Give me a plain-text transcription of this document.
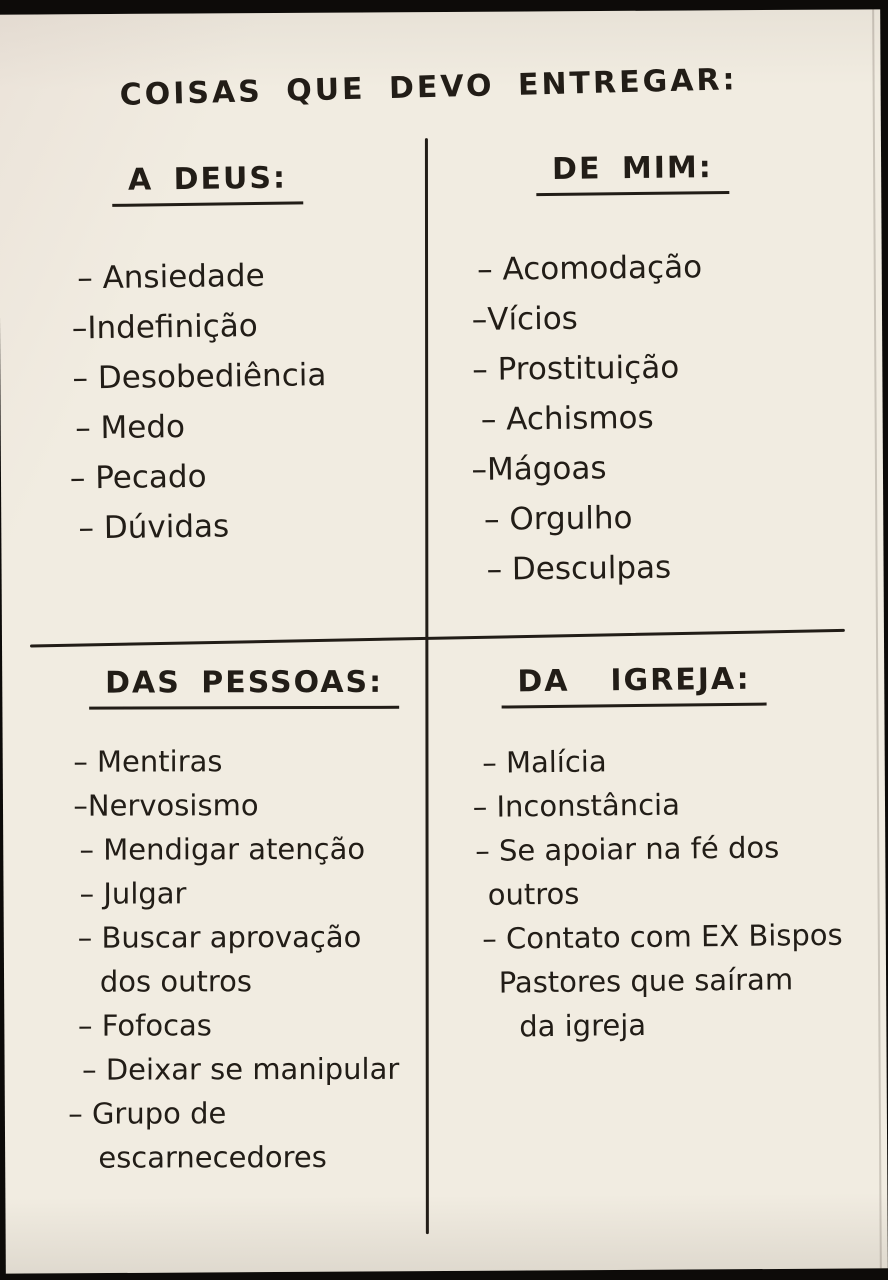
COISAS QUE DEVO ENTREGAR:
A DEUS:
– Ansiedade
–Indefinição
– Desobediência
– Medo
– Pecado
– Dúvidas
DE MIM:
– Acomodação
–Vícios
– Prostituição
– Achismos
–Mágoas
– Orgulho
– Desculpas
DAS PESSOAS:
– Mentiras
–Nervosismo
– Mendigar atenção
– Julgar
– Buscar aprovação
dos outros
– Fofocas
– Deixar se manipular
– Grupo de
escarnecedores
DA  IGREJA:
– Malícia
– Inconstância
– Se apoiar na fé dos
outros
– Contato com EX Bispos
Pastores que saíram
da igreja
